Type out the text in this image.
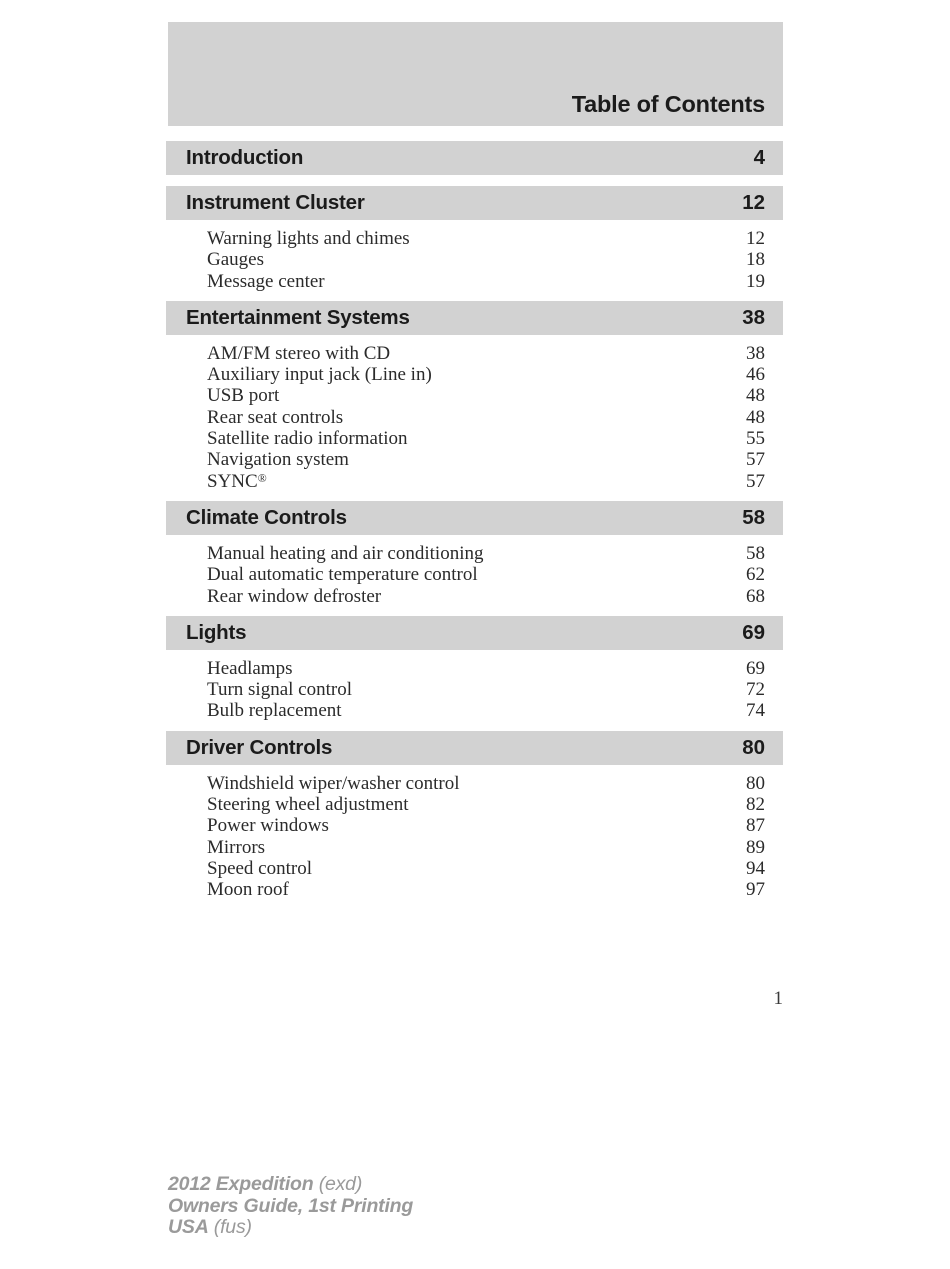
Table of Contents
Introduction	4
Instrument Cluster	12
Warning lights and chimes	12
Gauges	18
Message center	19
Entertainment Systems	38
AM/FM stereo with CD	38
Auxiliary input jack (Line in)	46
USB port	48
Rear seat controls	48
Satellite radio information	55
Navigation system	57
SYNC®	57
Climate Controls	58
Manual heating and air conditioning	58
Dual automatic temperature control	62
Rear window defroster	68
Lights	69
Headlamps	69
Turn signal control	72
Bulb replacement	74
Driver Controls	80
Windshield wiper/washer control	80
Steering wheel adjustment	82
Power windows	87
Mirrors	89
Speed control	94
Moon roof	97
1
2012 Expedition (exd)
Owners Guide, 1st Printing
USA (fus)
